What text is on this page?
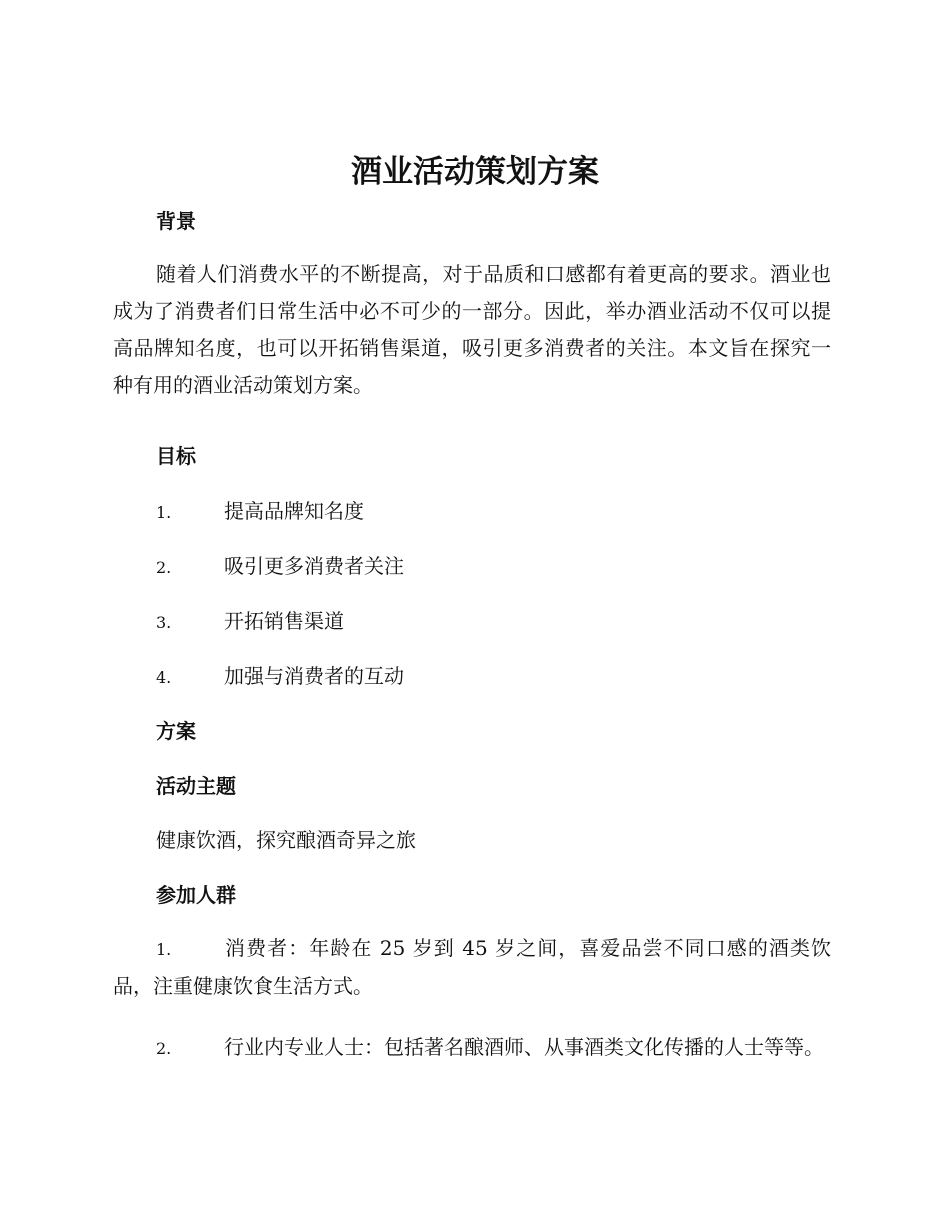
酒业活动策划方案
背景

随着人们消费水平的不断提高，对于品质和口感都有着更高的要求。酒业也成为了消费者们日常生活中必不可少的一部分。因此，举办酒业活动不仅可以提高品牌知名度，也可以开拓销售渠道，吸引更多消费者的关注。本文旨在探究一种有用的酒业活动策划方案。

目标
1.	提高品牌知名度
2.	吸引更多消费者关注
3.	开拓销售渠道
4.	加强与消费者的互动
方案
活动主题

健康饮酒，探究酿酒奇异之旅

参加人群

1.	消费者：年龄在 25 岁到 45 岁之间，喜爱品尝不同口感的酒类饮品，注重健康饮食生活方式。

2.	行业内专业人士：包括著名酿酒师、从事酒类文化传播的人士等等。
